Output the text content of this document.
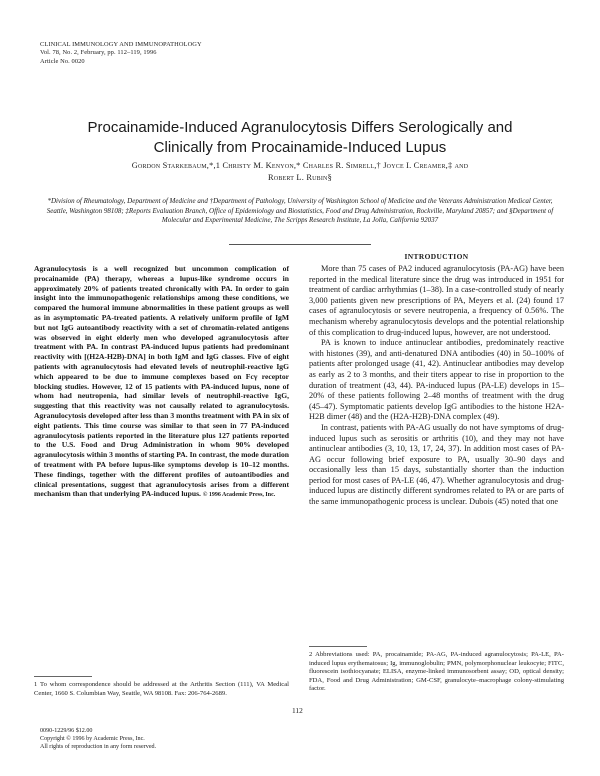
CLINICAL IMMUNOLOGY AND IMMUNOPATHOLOGY
Vol. 78, No. 2, February, pp. 112–119, 1996
Article No. 0020
Procainamide-Induced Agranulocytosis Differs Serologically and
Clinically from Procainamide-Induced Lupus
Gordon Starkebaum,*,1 Christy M. Kenyon,* Charles R. Simrell,† Joyce I. Creamer,‡ and
Robert L. Rubin§
*Division of Rheumatology, Department of Medicine and †Department of Pathology, University of Washington School of Medicine and the Veterans Administration Medical Center, Seattle, Washington 98108; ‡Reports Evaluation Branch, Office of Epidemiology and Biostatistics, Food and Drug Administration, Rockville, Maryland 20857; and §Department of Molecular and Experimental Medicine, The Scripps Research Institute, La Jolla, California 92037
Agranulocytosis is a well recognized but uncommon complication of procainamide (PA) therapy, whereas a lupus-like syndrome occurs in approximately 20% of patients treated chronically with PA. In order to gain insight into the immunopathogenic relationships among these conditions, we compared the humoral immune abnormalities in these patient groups as well as in asymptomatic PA-treated patients. A relatively uniform profile of IgM but not IgG autoantibody reactivity with a set of chromatin-related antigens was observed in eight elderly men who developed agranulocytosis after treatment with PA. In contrast PA-induced lupus patients had predominant reactivity with [(H2A-H2B)-DNA] in both IgM and IgG classes. Five of eight patients with agranulocytosis had elevated levels of neutrophil-reactive IgG which appeared to be due to immune complexes based on Fcγ receptor blocking studies. However, 12 of 15 patients with PA-induced lupus, none of whom had neutropenia, had similar levels of neutrophil-reactive IgG, suggesting that this reactivity was not causally related to agranulocytosis. Agranulocytosis developed after less than 3 months treatment with PA in six of eight patients. This time course was similar to that seen in 77 PA-induced agranulocytosis patients reported in the literature plus 127 patients reported to the U.S. Food and Drug Administration in whom 90% developed agranulocytosis within 3 months of starting PA. In contrast, the mode duration of treatment with PA before lupus-like symptoms develop is 10–12 months. These findings, together with the different profiles of autoantibodies and clinical presentations, suggest that agranulocytosis arises from a different mechanism than that underlying PA-induced lupus. © 1996 Academic Press, Inc.
1 To whom correspondence should be addressed at the Arthritis Section (111), VA Medical Center, 1660 S. Columbian Way, Seattle, WA 98108. Fax: 206-764-2689.
INTRODUCTION

More than 75 cases of PA2 induced agranulocytosis (PA-AG) have been reported in the medical literature since the drug was introduced in 1951 for treatment of cardiac arrhythmias (1–38). In a case-controlled study of nearly 3,000 patients given new prescriptions of PA, Meyers et al. (24) found 17 cases of agranulocytosis or severe neutropenia, a frequency of 0.56%. The mechanism whereby agranulocytosis develops and the potential relationship of this complication to drug-induced lupus, however, are not understood.

PA is known to induce antinuclear antibodies, predominately reactive with histones (39), and anti-denatured DNA antibodies (40) in 50–100% of patients after prolonged usage (41, 42). Antinuclear antibodies may develop as early as 2 to 3 months, and their titers appear to rise in proportion to the duration of treatment (43, 44). PA-induced lupus (PA-LE) develops in 15–20% of these patients following 2–48 months of treatment with the drug (45–47). Symptomatic patients develop IgG antibodies to the histone H2A-H2B dimer (48) and the (H2A-H2B)-DNA complex (49).

In contrast, patients with PA-AG usually do not have symptoms of drug-induced lupus such as serositis or arthritis (10), and they may not have antinuclear antibodies (3, 10, 13, 17, 24, 37). In addition most cases of PA-AG occur following brief exposure to PA, usually 30–90 days and occasionally less than 15 days, substantially shorter than the induction period for most cases of PA-LE (46, 47). Whether agranulocytosis and drug-induced lupus are distinctly different syndromes related to PA or are parts of the same immunopathogenic process is unclear. Dubois (45) noted that one

2 Abbreviations used: PA, procainamide; PA-AG, PA-induced agranulocytosis; PA-LE, PA-induced lupus erythematosus; Ig, immunoglobulin; PMN, polymorphonuclear leukocyte; FITC, fluorescein isothiocyanate; ELISA, enzyme-linked immunosorbent assay; OD, optical density; FDA, Food and Drug Administration; GM-CSF, granulocyte–macrophage colony-stimulating factor.
112
0090-1229/96 $12.00
Copyright © 1996 by Academic Press, Inc.
All rights of reproduction in any form reserved.
